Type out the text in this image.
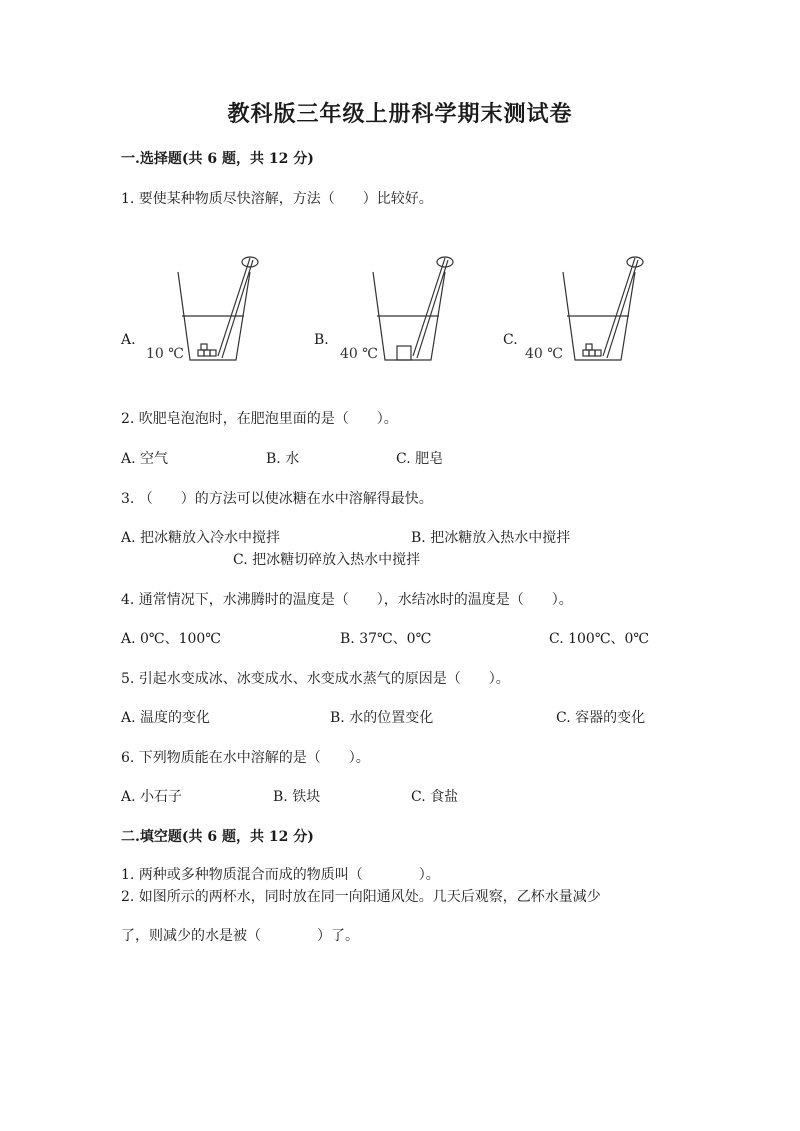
教科版三年级上册科学期末测试卷
一.选择题(共 6 题，共 12 分)
1. 要使某种物质尽快溶解，方法（　　）比较好。
A.
10 ℃
B.
40 ℃
C.
40 ℃
2. 吹肥皂泡泡时，在肥泡里面的是（　　）。
A. 空气	B. 水	C. 肥皂
3. （　　）的方法可以使冰糖在水中溶解得最快。
A. 把冰糖放入冷水中搅拌	B. 把冰糖放入热水中搅拌
C. 把冰糖切碎放入热水中搅拌
4. 通常情况下，水沸腾时的温度是（　　），水结冰时的温度是（　　）。
A. 0℃、100℃	B. 37℃、0℃	C. 100℃、0℃
5. 引起水变成冰、冰变成水、水变成水蒸气的原因是（　　）。
A. 温度的变化	B. 水的位置变化	C. 容器的变化
6. 下列物质能在水中溶解的是（　　）。
A. 小石子	B. 铁块	C. 食盐
二.填空题(共 6 题，共 12 分)
1. 两种或多种物质混合而成的物质叫（　　　　）。
2. 如图所示的两杯水，同时放在同一向阳通风处。几天后观察，乙杯水量减少
了，则减少的水是被（　　　　）了。
